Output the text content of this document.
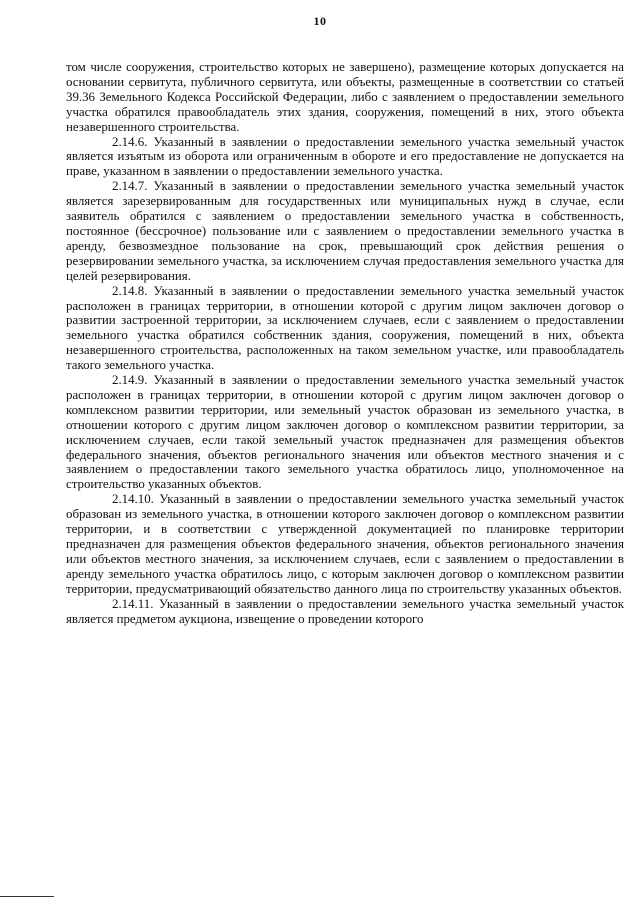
10

том числе сооружения, строительство которых не завершено), размещение которых допускается на основании сервитута, публичного сервитута, или объекты, размещенные в соответствии со статьей 39.36 Земельного Кодекса Российской Федерации, либо с заявлением о предоставлении земельного участка обратился правообладатель этих здания, сооружения, помещений в них, этого объекта незавершенного строительства.

2.14.6. Указанный в заявлении о предоставлении земельного участка земельный участок является изъятым из оборота или ограниченным в обороте и его предоставление не допускается на праве, указанном в заявлении о предоставлении земельного участка.

2.14.7. Указанный в заявлении о предоставлении земельного участка земельный участок является зарезервированным для государственных или муниципальных нужд в случае, если заявитель обратился с заявлением о предоставлении земельного участка в собственность, постоянное (бессрочное) пользование или с заявлением о предоставлении земельного участка в аренду, безвозмездное пользование на срок, превышающий срок действия решения о резервировании земельного участка, за исключением случая предоставления земельного участка для целей резервирования.

2.14.8. Указанный в заявлении о предоставлении земельного участка земельный участок расположен в границах территории, в отношении которой с другим лицом заключен договор о развитии застроенной территории, за исключением случаев, если с заявлением о предоставлении земельного участка обратился собственник здания, сооружения, помещений в них, объекта незавершенного строительства, расположенных на таком земельном участке, или правообладатель такого земельного участка.

2.14.9. Указанный в заявлении о предоставлении земельного участка земельный участок расположен в границах территории, в отношении которой с другим лицом заключен договор о комплексном развитии территории, или земельный участок образован из земельного участка, в отношении которого с другим лицом заключен договор о комплексном развитии территории, за исключением случаев, если такой земельный участок предназначен для размещения объектов федерального значения, объектов регионального значения или объектов местного значения и с заявлением о предоставлении такого земельного участка обратилось лицо, уполномоченное на строительство указанных объектов.

2.14.10. Указанный в заявлении о предоставлении земельного участка земельный участок образован из земельного участка, в отношении которого заключен договор о комплексном развитии территории, и в соответствии с утвержденной документацией по планировке территории предназначен для размещения объектов федерального значения, объектов регионального значения или объектов местного значения, за исключением случаев, если с заявлением о предоставлении в аренду земельного участка обратилось лицо, с которым заключен договор о комплексном развитии территории, предусматривающий обязательство данного лица по строительству указанных объектов.

2.14.11. Указанный в заявлении о предоставлении земельного участка земельный участок является предметом аукциона, извещение о проведении которого
